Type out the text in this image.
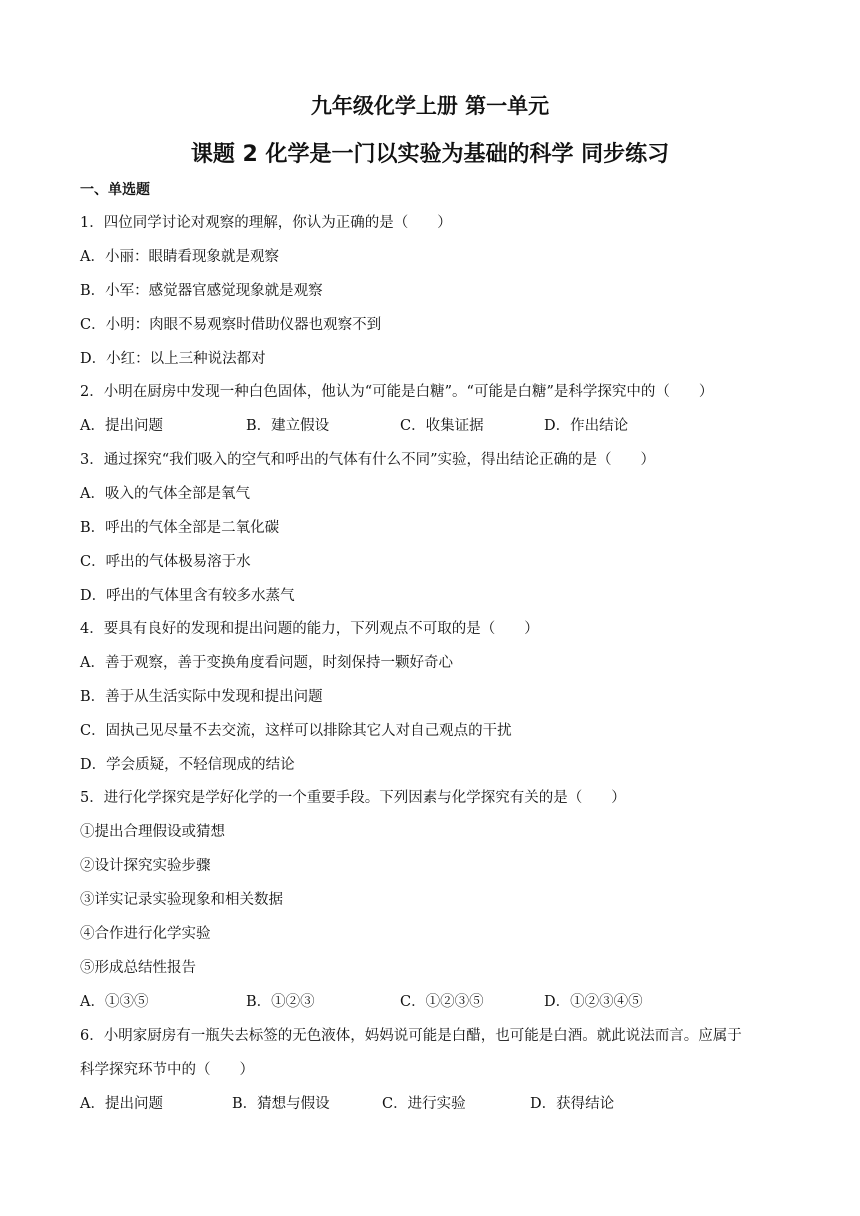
九年级化学上册 第一单元
课题 2 化学是一门以实验为基础的科学 同步练习
一、单选题
1．四位同学讨论对观察的理解，你认为正确的是（　　）
A．小丽：眼睛看现象就是观察
B．小军：感觉器官感觉现象就是观察
C．小明：肉眼不易观察时借助仪器也观察不到
D．小红：以上三种说法都对
2．小明在厨房中发现一种白色固体，他认为“可能是白糖”。“可能是白糖”是科学探究中的（　　）
A．提出问题	B．建立假设	C．收集证据	D．作出结论
3．通过探究“我们吸入的空气和呼出的气体有什么不同”实验，得出结论正确的是（　　）
A．吸入的气体全部是氧气
B．呼出的气体全部是二氧化碳
C．呼出的气体极易溶于水
D．呼出的气体里含有较多水蒸气
4．要具有良好的发现和提出问题的能力，下列观点不可取的是（　　）
A．善于观察，善于变换角度看问题，时刻保持一颗好奇心
B．善于从生活实际中发现和提出问题
C．固执己见尽量不去交流，这样可以排除其它人对自己观点的干扰
D．学会质疑，不轻信现成的结论
5．进行化学探究是学好化学的一个重要手段。下列因素与化学探究有关的是（　　）
①提出合理假设或猜想
②设计探究实验步骤
③详实记录实验现象和相关数据
④合作进行化学实验
⑤形成总结性报告
A．①③⑤	B．①②③	C．①②③⑤	D．①②③④⑤
6．小明家厨房有一瓶失去标签的无色液体，妈妈说可能是白醋，也可能是白酒。就此说法而言。应属于
科学探究环节中的（　　）
A．提出问题	B．猜想与假设	C．进行实验	D．获得结论
